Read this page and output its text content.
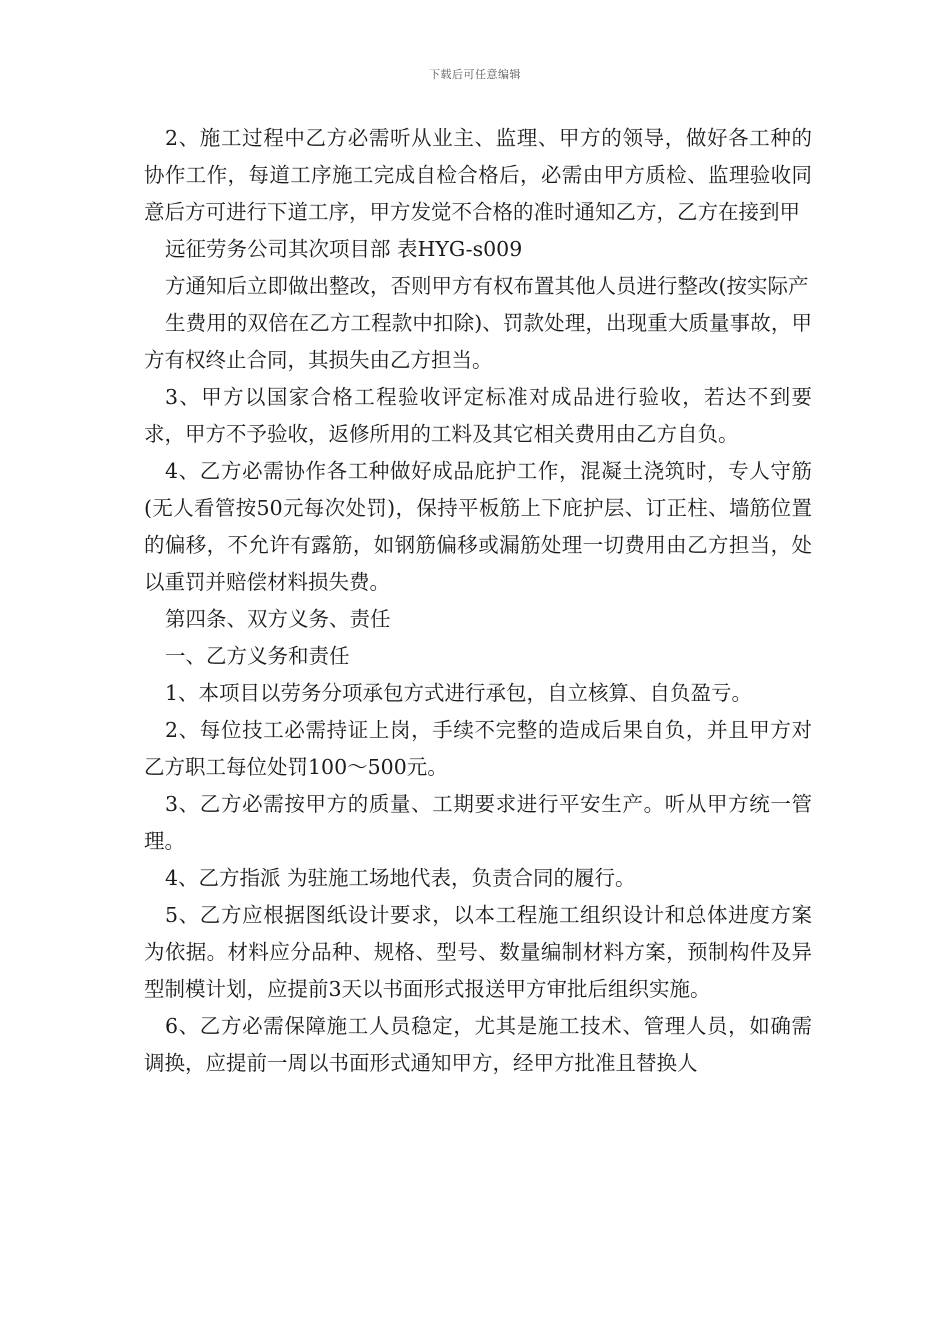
下载后可任意编辑

2、施工过程中乙方必需听从业主、监理、甲方的领导，做好各工种的协作工作，每道工序施工完成自检合格后，必需由甲方质检、监理验收同意后方可进行下道工序，甲方发觉不合格的准时通知乙方，乙方在接到甲

远征劳务公司其次项目部 表HYG-s009

方通知后立即做出整改，否则甲方有权布置其他人员进行整改(按实际产

生费用的双倍在乙方工程款中扣除)、罚款处理，出现重大质量事故，甲方有权终止合同，其损失由乙方担当。

3、甲方以国家合格工程验收评定标准对成品进行验收，若达不到要求，甲方不予验收，返修所用的工料及其它相关费用由乙方自负。

4、乙方必需协作各工种做好成品庇护工作，混凝土浇筑时，专人守筋(无人看管按50元每次处罚)，保持平板筋上下庇护层、订正柱、墙筋位置的偏移，不允许有露筋，如钢筋偏移或漏筋处理一切费用由乙方担当，处以重罚并赔偿材料损失费。

第四条、双方义务、责任

一、乙方义务和责任

1、本项目以劳务分项承包方式进行承包，自立核算、自负盈亏。

2、每位技工必需持证上岗，手续不完整的造成后果自负，并且甲方对乙方职工每位处罚100～500元。

3、乙方必需按甲方的质量、工期要求进行平安生产。听从甲方统一管理。

4、乙方指派 为驻施工场地代表，负责合同的履行。

5、乙方应根据图纸设计要求，以本工程施工组织设计和总体进度方案为依据。材料应分品种、规格、型号、数量编制材料方案，预制构件及异型制模计划，应提前3天以书面形式报送甲方审批后组织实施。

6、乙方必需保障施工人员稳定，尤其是施工技术、管理人员，如确需调换，应提前一周以书面形式通知甲方，经甲方批准且替换人
